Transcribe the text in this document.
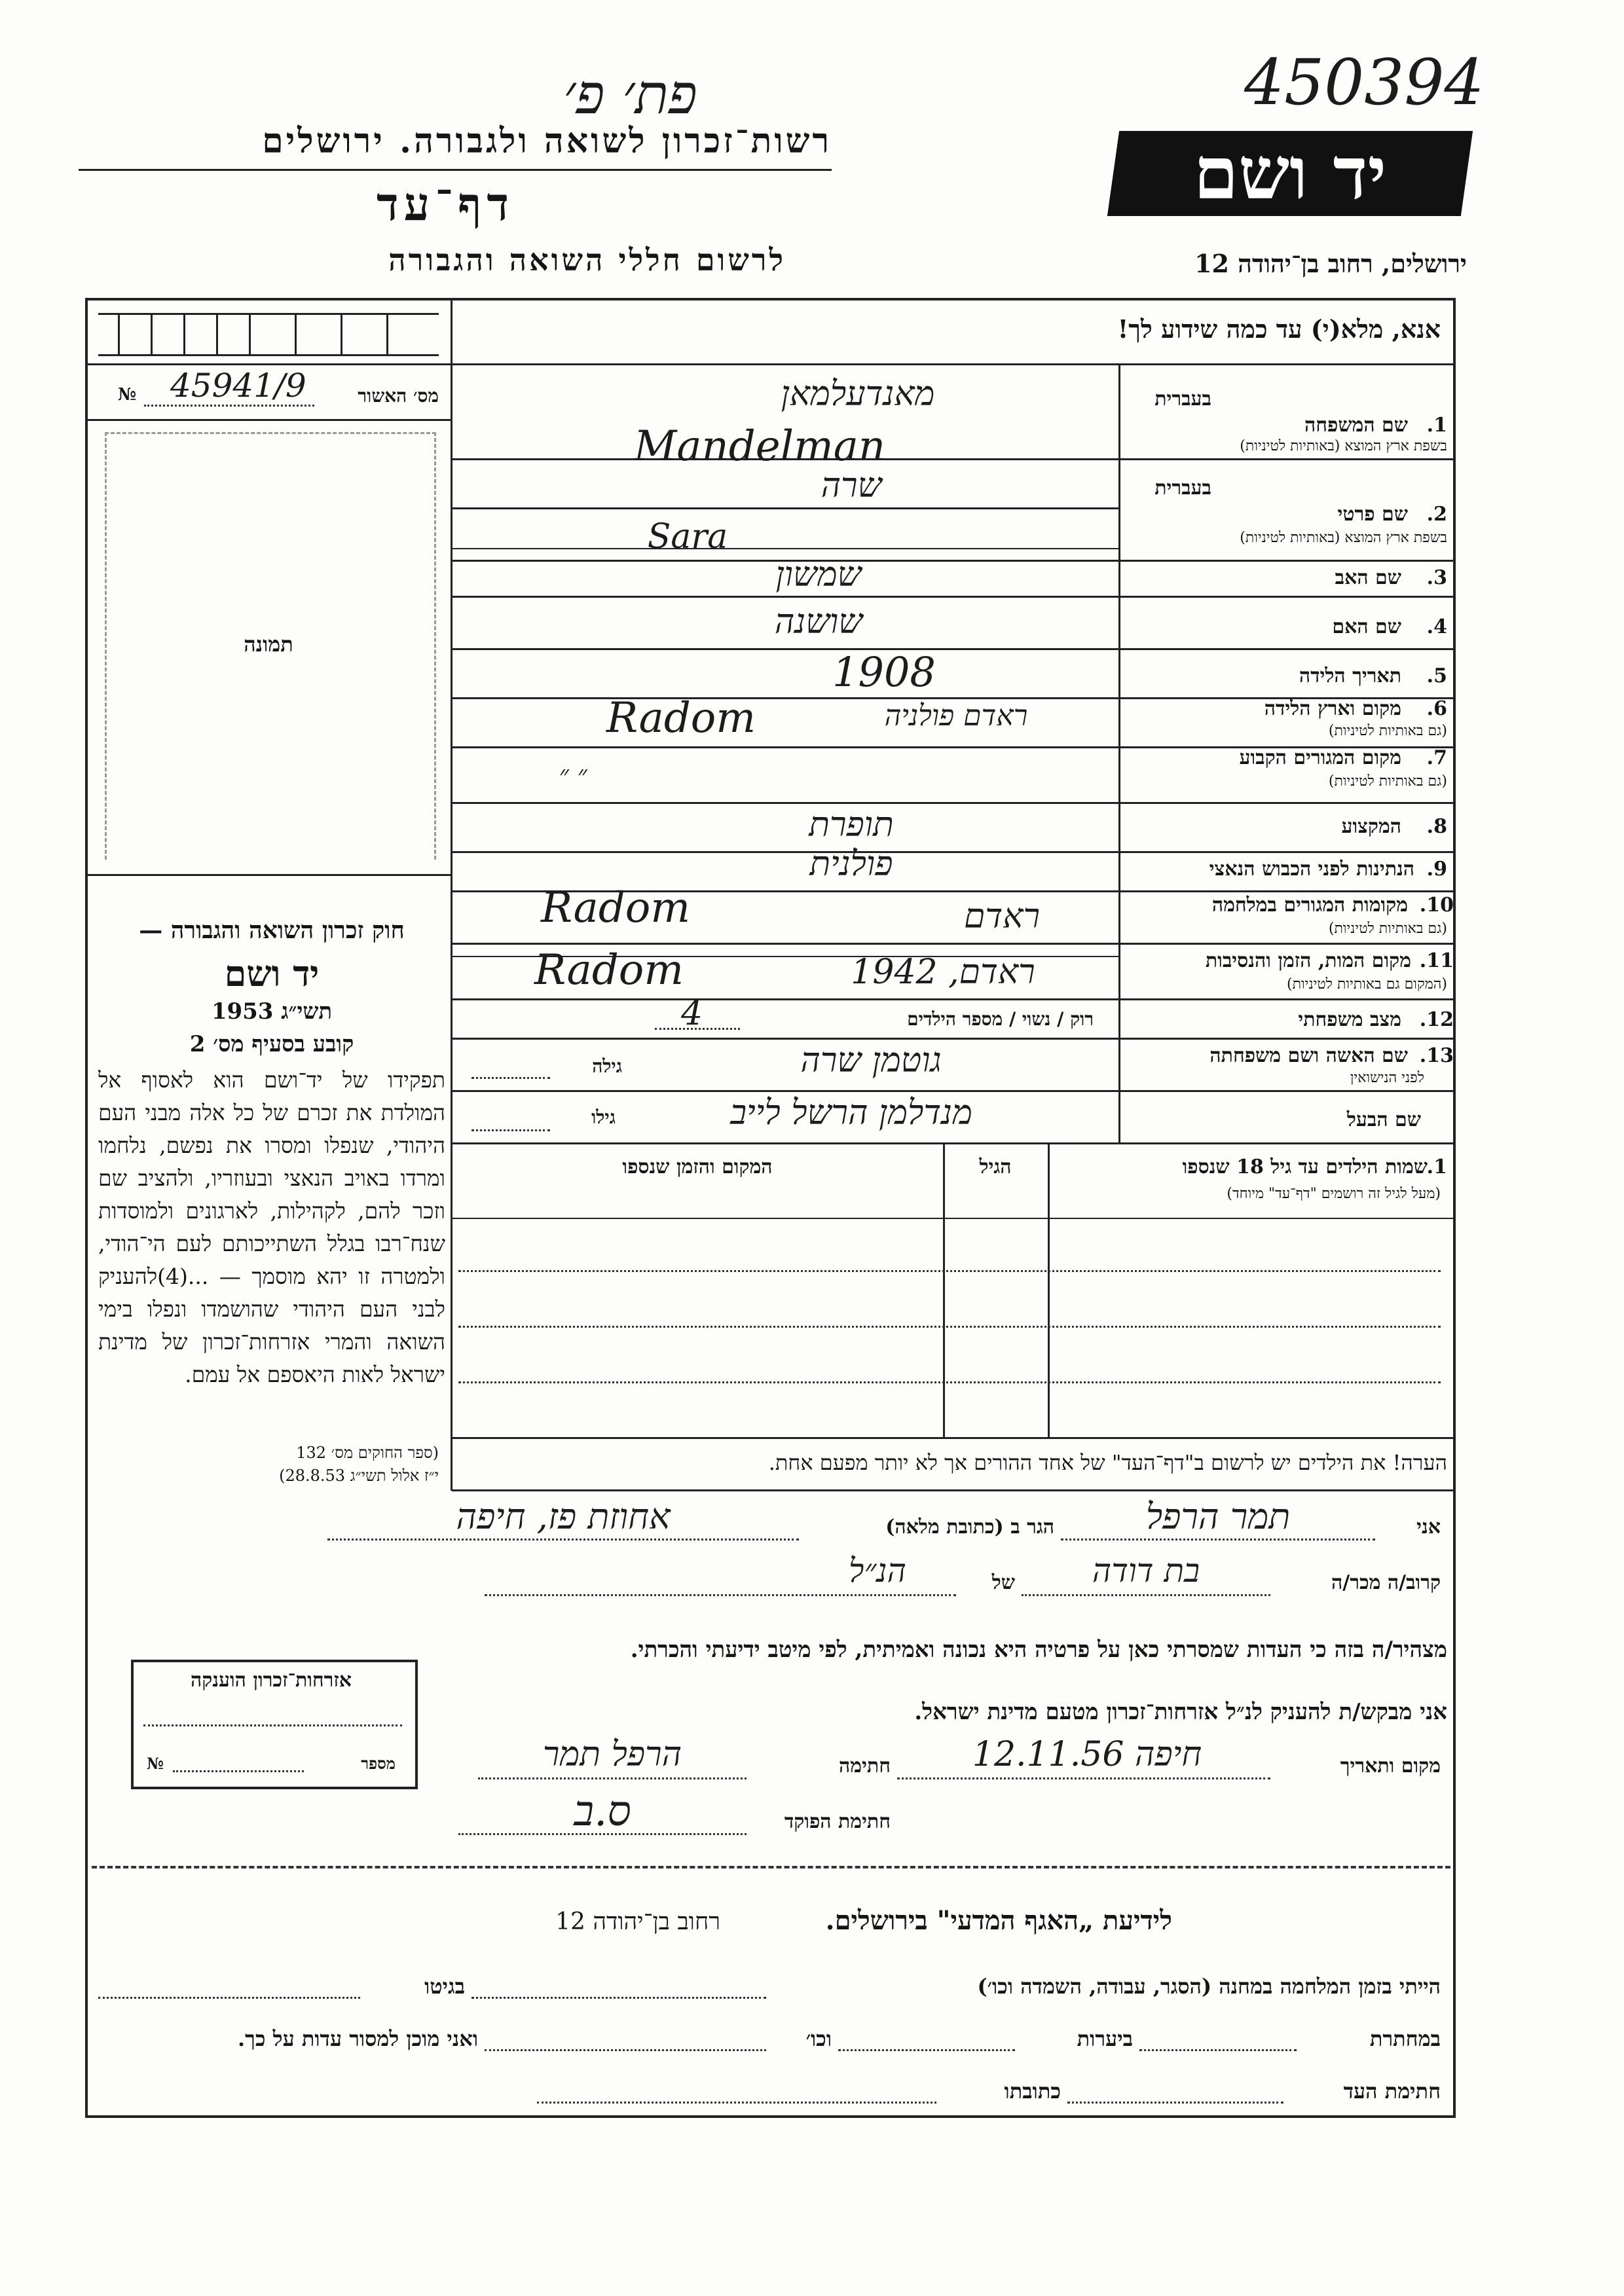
פת׳ פ׳	450394
רשות־זכרון לשואה ולגבורה. ירושלים
דף־עד
לרשום חללי השואה והגבורה
יד ושם
ירושלים, רחוב בן־יהודה 12
אנא, מלא(י) עד כמה שידוע לך!
№ 45941/9	מס׳ האשור
תמונה
חוק זכרון השואה והגבורה —
יד ושם
תשי״ג 1953
קובע בסעיף מס׳ 2
תפקידו של יד־ושם הוא לאסוף אל המולדת את זכרם של כל אלה מבני העם היהודי, שנפלו ומסרו את נפשם, נלחמו ומרדו באויב הנאצי ובעוזריו, ולהציב שם וזכר להם, לקהילות, לארגונים ולמוסדות שנח־רבו בגלל השתייכותם לעם הי־הודי, ולמטרה זו יהא מוסמך — ...(4)להעניק לבני העם היהודי שהושמדו ונפלו בימי השואה והמרי אזרחות־זכרון של מדינת ישראל לאות היאספם אל עמם.
(ספר החוקים מס׳ 132
י״ז אלול תשי״ג 28.8.53)
בעברית
שם המשפחה 1.
בשפת ארץ המוצא (באותיות לטיניות)
מאנדעלמאן
Mandelman
בעברית
שם פרטי 2.
בשפת ארץ המוצא (באותיות לטיניות)
שרה
Sara
שם האב	3.
שמשון
שם האם	4.
שושנה
תאריך הלידה	5.
1908
מקום וארץ הלידה	6.
(גם באותיות לטיניות)
Radom	ראדם פולניה
מקום המגורים הקבוע	7.
(גם באותיות לטיניות)
״ ״
המקצוע	8.
תופרת
הנתינות לפני הכבוש הנאצי 9.
פולנית
מקומות המגורים במלחמה 10.
(גם באותיות לטיניות)
Radom	ראדם
מקום המות, הזמן והנסיבות 11.
(המקום גם באותיות לטיניות)
Radom	ראדם, 1942
מצב משפחתי 12.
רוק / נשוי / מספר הילדים
4
שם האשה ושם משפחתה 13.
לפני הנישואין
גוטמן שרה
גילה
שם הבעל
מנדלמן הרשל לייב
גילו
שמות הילדים עד גיל 18 שנספו
1.
(מעל לגיל זה רושמים "דף־עד" מיוחד)
הגיל
המקום והזמן שנספו
הערה! את הילדים יש לרשום ב"דף־העד" של אחד ההורים אך לא יותר מפעם אחת.
אני
תמר הרפל
הגר ב (כתובת מלאה)
אחוזת פז, חיפה
קרוב/ה מכר/ה
בת דודה
של
הנ״ל
מצהיר/ה בזה כי העדות שמסרתי כאן על פרטיה היא נכונה ואמיתית, לפי מיטב ידיעתי והכרתי.
אני מבקש/ת להעניק לנ״ל אזרחות־זכרון מטעם מדינת ישראל.
מקום ותאריך
חיפה 12.11.56
חתימה
הרפל תמר
חתימת הפוקד
ס.ב
אזרחות־זכרון הוענקה
№	מספר
לידיעת „האגף המדעי" בירושלים.
רחוב בן־יהודה 12
הייתי בזמן המלחמה במחנה (הסגר, עבודה, השמדה וכו׳)
בגיטו
במחתרת
ביערות
וכו׳
ואני מוכן למסור עדות על כך.
חתימת העד
כתובתו
